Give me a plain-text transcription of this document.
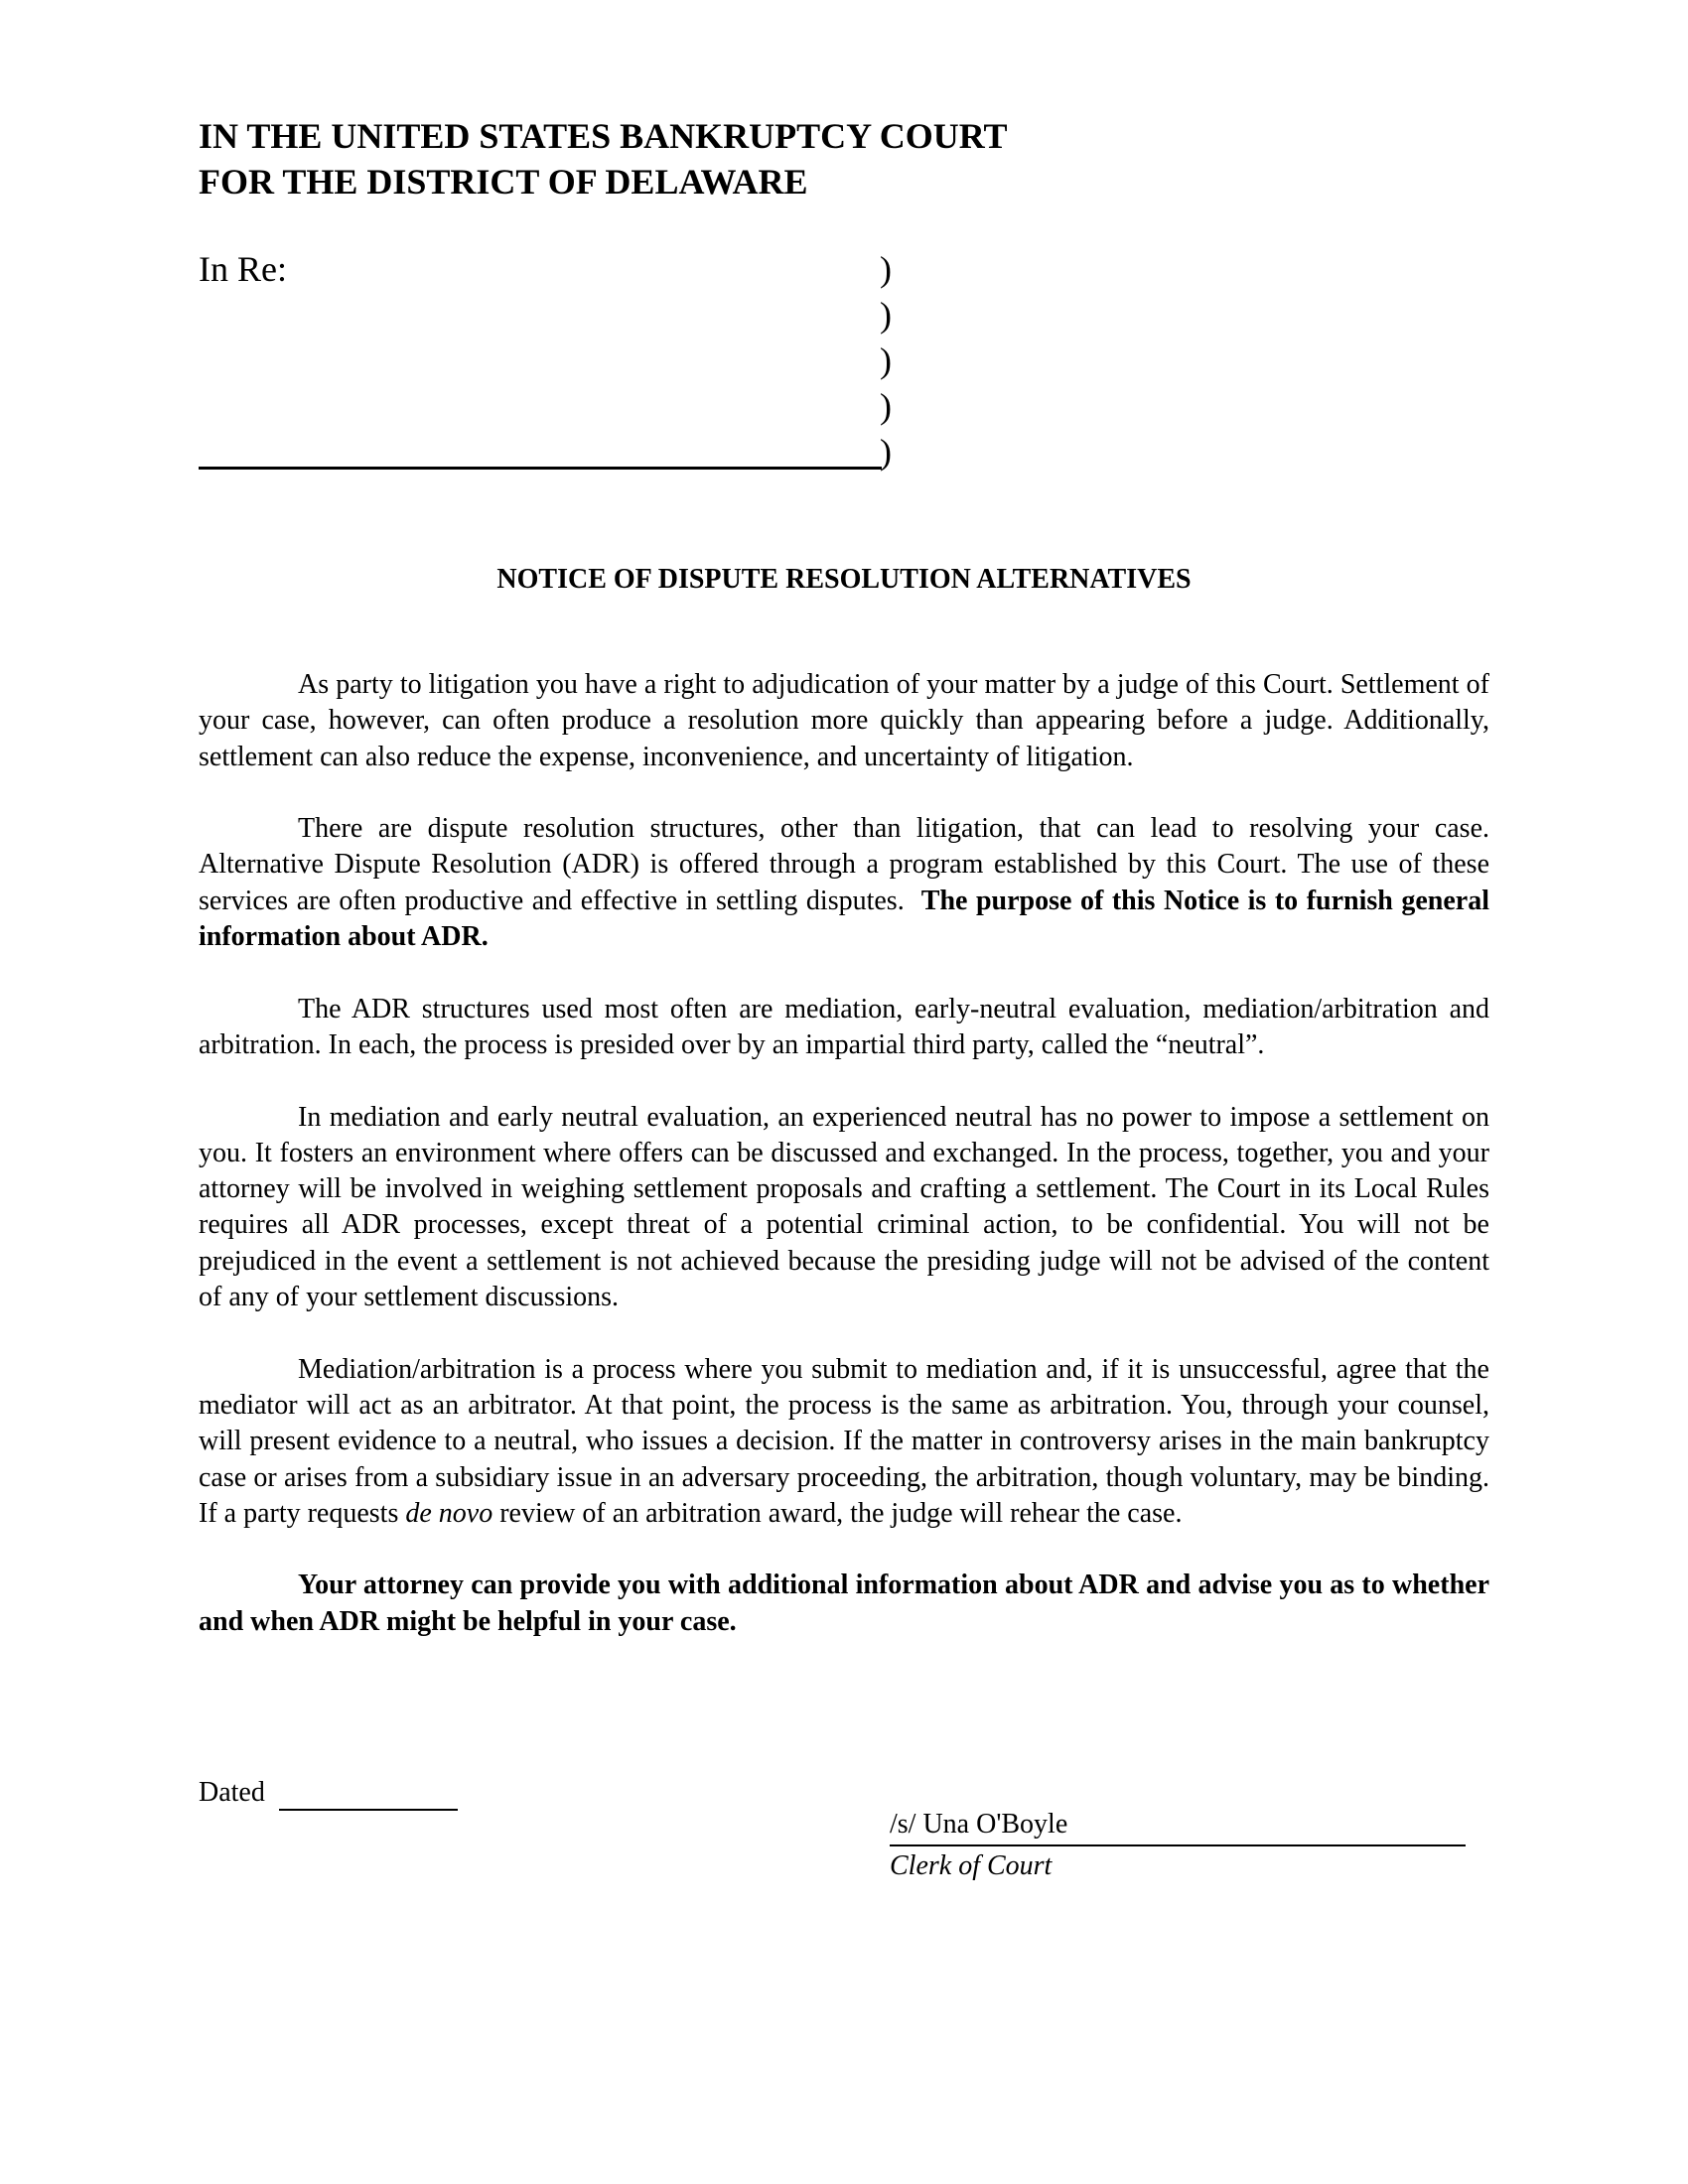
IN THE UNITED STATES BANKRUPTCY COURT
FOR THE DISTRICT OF DELAWARE
In Re:	)
)
)
)
)
NOTICE OF DISPUTE RESOLUTION ALTERNATIVES

As party to litigation you have a right to adjudication of your matter by a judge of this Court. Settlement of your case, however, can often produce a resolution more quickly than appearing before a judge. Additionally, settlement can also reduce the expense, inconvenience, and uncertainty of litigation.

There are dispute resolution structures, other than litigation, that can lead to resolving your case. Alternative Dispute Resolution (ADR) is offered through a program established by this Court. The use of these services are often productive and effective in settling disputes. The purpose of this Notice is to furnish general information about ADR.

The ADR structures used most often are mediation, early-neutral evaluation, mediation/arbitration and arbitration. In each, the process is presided over by an impartial third party, called the “neutral”.

In mediation and early neutral evaluation, an experienced neutral has no power to impose a settlement on you. It fosters an environment where offers can be discussed and exchanged. In the process, together, you and your attorney will be involved in weighing settlement proposals and crafting a settlement. The Court in its Local Rules requires all ADR processes, except threat of a potential criminal action, to be confidential. You will not be prejudiced in the event a settlement is not achieved because the presiding judge will not be advised of the content of any of your settlement discussions.

Mediation/arbitration is a process where you submit to mediation and, if it is unsuccessful, agree that the mediator will act as an arbitrator. At that point, the process is the same as arbitration. You, through your counsel, will present evidence to a neutral, who issues a decision. If the matter in controversy arises in the main bankruptcy case or arises from a subsidiary issue in an adversary proceeding, the arbitration, though voluntary, may be binding. If a party requests de novo review of an arbitration award, the judge will rehear the case.

Your attorney can provide you with additional information about ADR and advise you as to whether and when ADR might be helpful in your case.

Dated
/s/ Una O'Boyle
Clerk of Court
